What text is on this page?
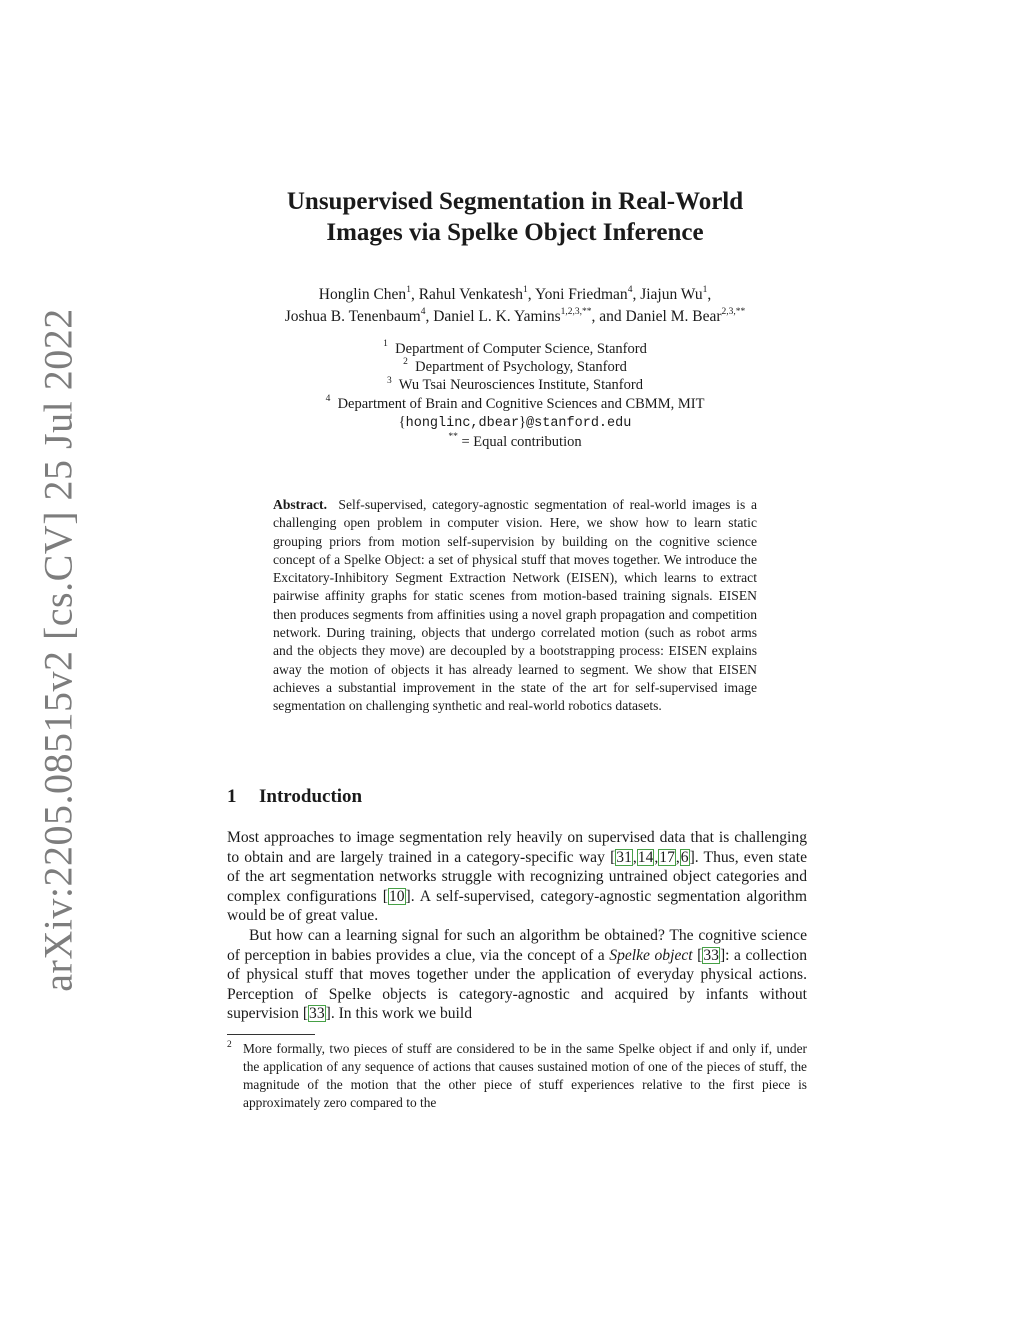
arXiv:2205.08515v2 [cs.CV] 25 Jul 2022
Unsupervised Segmentation in Real-World
Images via Spelke Object Inference
Honglin Chen$^1$, Rahul Venkatesh$^1$, Yoni Friedman$^4$, Jiajun Wu$^1$,
Joshua B. Tenenbaum$^4$, Daniel L. K. Yamins$^{1,2,3,**}$, and Daniel M. Bear$^{2,3,**}$
$^1$ Department of Computer Science, Stanford
$^2$ Department of Psychology, Stanford
$^3$ Wu Tsai Neurosciences Institute, Stanford
$^4$ Department of Brain and Cognitive Sciences and CBMM, MIT
{honglinc,dbear}@stanford.edu
** = Equal contribution
Abstract. Self-supervised, category-agnostic segmentation of real-world images is a challenging open problem in computer vision. Here, we show how to learn static grouping priors from motion self-supervision by building on the cognitive science concept of a Spelke Object: a set of physical stuff that moves together. We introduce the Excitatory-Inhibitory Segment Extraction Network (EISEN), which learns to extract pairwise affinity graphs for static scenes from motion-based training signals. EISEN then produces segments from affinities using a novel graph propagation and competition network. During training, objects that undergo correlated motion (such as robot arms and the objects they move) are decoupled by a bootstrapping process: EISEN explains away the motion of objects it has already learned to segment. We show that EISEN achieves a substantial improvement in the state of the art for self-supervised image segmentation on challenging synthetic and real-world robotics datasets.
1 Introduction

Most approaches to image segmentation rely heavily on supervised data that is challenging to obtain and are largely trained in a category-specific way [31,14,17,6]. Thus, even state of the art segmentation networks struggle with recognizing untrained object categories and complex configurations [10]. A self-supervised, category-agnostic segmentation algorithm would be of great value.

But how can a learning signal for such an algorithm be obtained? The cognitive science of perception in babies provides a clue, via the concept of a Spelke object [33]: a collection of physical stuff that moves together under the application of everyday physical actions. Perception of Spelke objects is category-agnostic and acquired by infants without supervision [33]. In this work we build

$^2$ More formally, two pieces of stuff are considered to be in the same Spelke object if and only if, under the application of any sequence of actions that causes sustained motion of one of the pieces of stuff, the magnitude of the motion that the other piece of stuff experiences relative to the first piece is approximately zero compared to the
